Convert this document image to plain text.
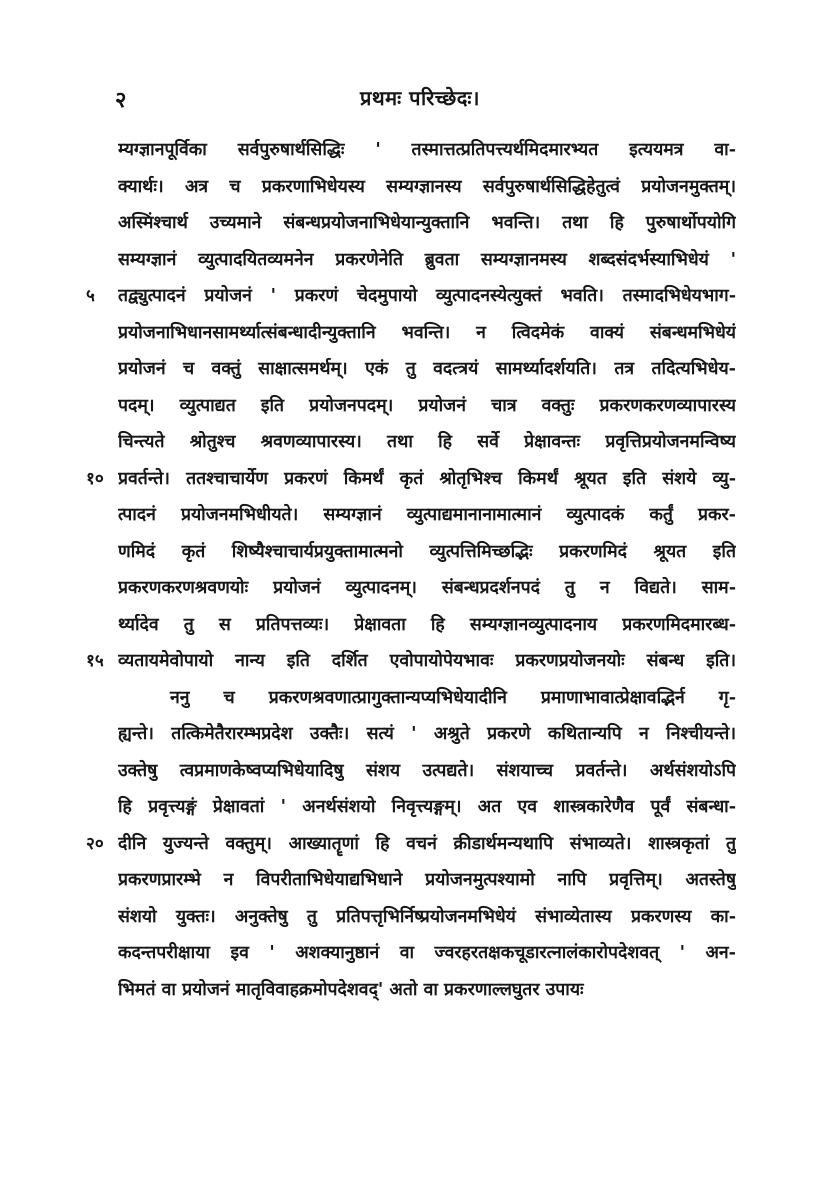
२	प्रथमः परिच्छेदः।
म्यग्ज्ञानपूर्विका सर्वपुरुषार्थसिद्धिः ' तस्मात्तत्प्रतिपत्त्यर्थमिदमारभ्यत इत्ययमत्र वा-
क्यार्थः। अत्र च प्रकरणाभिधेयस्य सम्यग्ज्ञानस्य सर्वपुरुषार्थसिद्धिहेतुत्वं प्रयोजनमुक्तम्।
अस्मिंश्चार्थ उच्यमाने संबन्धप्रयोजनाभिधेयान्युक्तानि भवन्ति। तथा हि पुरुषार्थोपयोगि
सम्यग्ज्ञानं व्युत्पादयितव्यमनेन प्रकरणेनेति ब्रुवता सम्यग्ज्ञानमस्य शब्दसंदर्भस्याभिधेयं '
तद्व्युत्पादनं प्रयोजनं ' प्रकरणं चेदमुपायो व्युत्पादनस्येत्युक्तं भवति। तस्मादभिधेयभाग-
प्रयोजनाभिधानसामर्थ्यात्संबन्धादीन्युक्तानि भवन्ति। न त्विदमेकं वाक्यं संबन्धमभिधेयं
प्रयोजनं च वक्तुं साक्षात्समर्थम्। एकं तु वदत्त्रयं सामर्थ्यादर्शयति। तत्र तदित्यभिधेय-
पदम्। व्युत्पाद्यत इति प्रयोजनपदम्। प्रयोजनं चात्र वक्तुः प्रकरणकरणव्यापारस्य
चिन्त्यते श्रोतुश्च श्रवणव्यापारस्य। तथा हि सर्वे प्रेक्षावन्तः प्रवृत्तिप्रयोजनमन्विष्य
प्रवर्तन्ते। ततश्चाचार्येण प्रकरणं किमर्थं कृतं श्रोतृभिश्च किमर्थं श्रूयत इति संशये व्यु-
त्पादनं प्रयोजनमभिधीयते। सम्यग्ज्ञानं व्युत्पाद्यमानानामात्मानं व्युत्पादकं कर्तुं प्रकर-
णमिदं कृतं शिष्यैश्चाचार्यप्रयुक्तामात्मनो व्युत्पत्तिमिच्छद्भिः प्रकरणमिदं श्रूयत इति
प्रकरणकरणश्रवणयोः प्रयोजनं व्युत्पादनम्। संबन्धप्रदर्शनपदं तु न विद्यते। साम-
र्थ्यादेव तु स प्रतिपत्तव्यः। प्रेक्षावता हि सम्यग्ज्ञानव्युत्पादनाय प्रकरणमिदमारब्ध-
व्यतायमेवोपायो नान्य इति दर्शित एवोपायोपेयभावः प्रकरणप्रयोजनयोः संबन्ध इति।
ननु च प्रकरणश्रवणात्प्रागुक्तान्यप्यभिधेयादीनि प्रमाणाभावात्प्रेक्षावद्भिर्न गृ-
ह्यन्ते। तत्किमेतैरारम्भप्रदेश उक्तैः। सत्यं ' अश्रुते प्रकरणे कथितान्यपि न निश्चीयन्ते।
उक्तेषु त्वप्रमाणकेष्वप्यभिधेयादिषु संशय उत्पद्यते। संशयाच्च प्रवर्तन्ते। अर्थसंशयोऽपि
हि प्रवृत्त्यङ्गं प्रेक्षावतां ' अनर्थसंशयो निवृत्त्यङ्गम्। अत एव शास्त्रकारेणैव पूर्वं संबन्धा-
दीनि युज्यन्ते वक्तुम्। आख्यातॄणां हि वचनं क्रीडार्थमन्यथापि संभाव्यते। शास्त्रकृतां तु
प्रकरणप्रारम्भे न विपरीताभिधेयाद्यभिधाने प्रयोजनमुत्पश्यामो नापि प्रवृत्तिम्। अतस्तेषु
संशयो युक्तः। अनुक्तेषु तु प्रतिपत्तृभिर्निष्प्रयोजनमभिधेयं संभाव्येतास्य प्रकरणस्य का-
कदन्तपरीक्षाया इव ' अशक्यानुष्ठानं वा ज्वरहरतक्षकचूडारत्नालंकारोपदेशवत् ' अन-
भिमतं वा प्रयोजनं मातृविवाहक्रमोपदेशवद्' अतो वा प्रकरणाल्लघुतर उपायः
५
१०
१५
२०
